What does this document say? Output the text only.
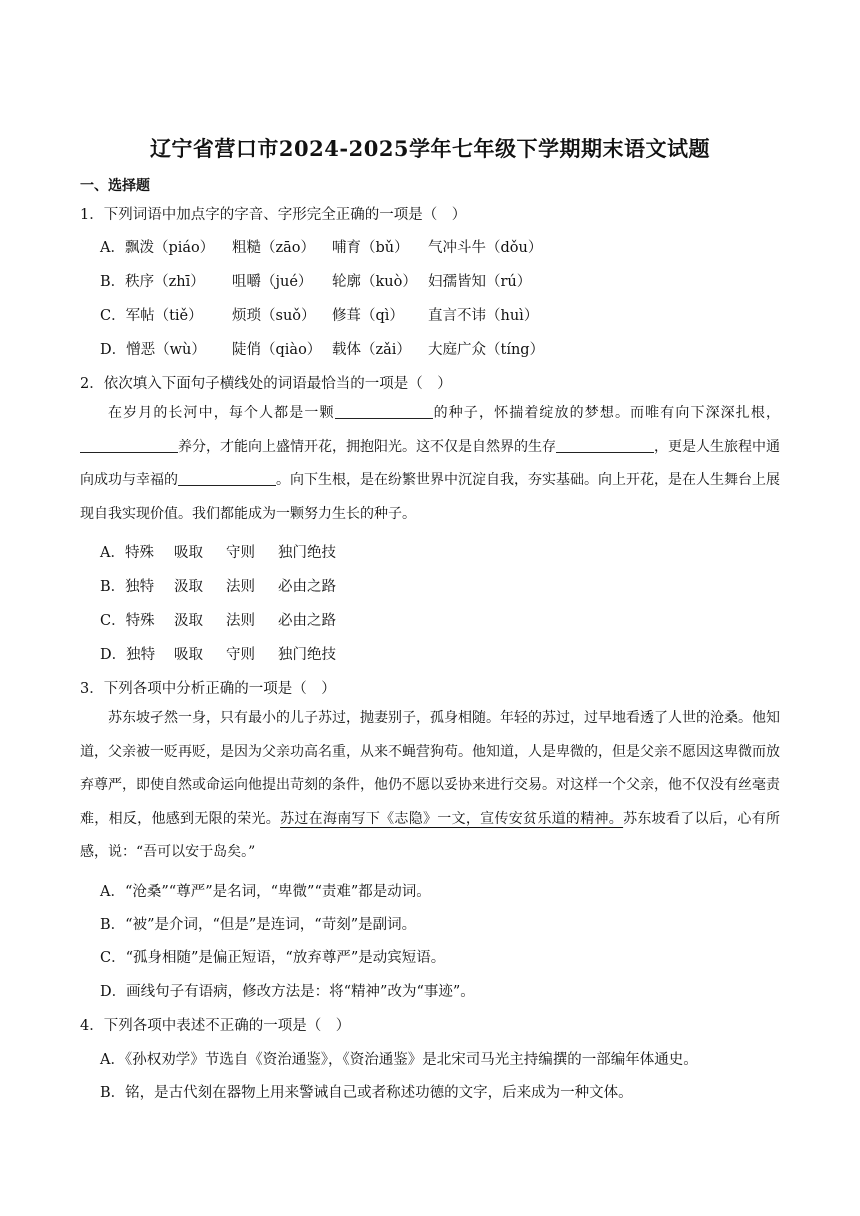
辽宁省营口市2024-2025学年七年级下学期期末语文试题
一、选择题
1．下列词语中加点字的字音、字形完全正确的一项是（　）
A．飘泼（piáo） 粗糙（zāo） 哺育（bǔ） 气冲斗牛（dǒu）
B．秩序（zhī） 咀嚼（jué） 轮廓（kuò） 妇孺皆知（rú）
C．军帖（tiě） 烦琐（suǒ） 修葺（qì） 直言不讳（huì）
D．憎恶（wù） 陡俏（qiào） 载体（zǎi） 大庭广众（tíng）
2．依次填入下面句子横线处的词语最恰当的一项是（　）
在岁月的长河中，每个人都是一颗	的种子，怀揣着绽放的梦想。而唯有向下深深扎根，养分，才能向上盛情开花，拥抱阳光。这不仅是自然界的生存	，更是人生旅程中通向成功与幸福的	。向下生根，是在纷繁世界中沉淀自我，夯实基础。向上开花，是在人生舞台上展现自我实现价值。我们都能成为一颗努力生长的种子。
A．特殊 吸取 守则 独门绝技
B．独特 汲取 法则 必由之路
C．特殊 汲取 法则 必由之路
D．独特 吸取 守则 独门绝技
3．下列各项中分析正确的一项是（　）
苏东坡孑然一身，只有最小的儿子苏过，抛妻别子，孤身相随。年轻的苏过，过早地看透了人世的沧桑。他知道，父亲被一贬再贬，是因为父亲功高名重，从来不蝇营狗苟。他知道，人是卑微的，但是父亲不愿因这卑微而放弃尊严，即使自然或命运向他提出苛刻的条件，他仍不愿以妥协来进行交易。对这样一个父亲，他不仅没有丝毫责难，相反，他感到无限的荣光。苏过在海南写下《志隐》一文，宣传安贫乐道的精神。苏东坡看了以后，心有所感，说：“吾可以安于岛矣。”
A．“沧桑”“尊严”是名词，“卑微”“责难”都是动词。
B．“被”是介词，“但是”是连词，“苛刻”是副词。
C．“孤身相随”是偏正短语，“放弃尊严”是动宾短语。
D．画线句子有语病，修改方法是：将“精神”改为“事迹”。
4．下列各项中表述不正确的一项是（　）
A．《孙权劝学》节选自《资治通鉴》，《资治通鉴》是北宋司马光主持编撰的一部编年体通史。
B．铭，是古代刻在器物上用来警诫自己或者称述功德的文字，后来成为一种文体。
